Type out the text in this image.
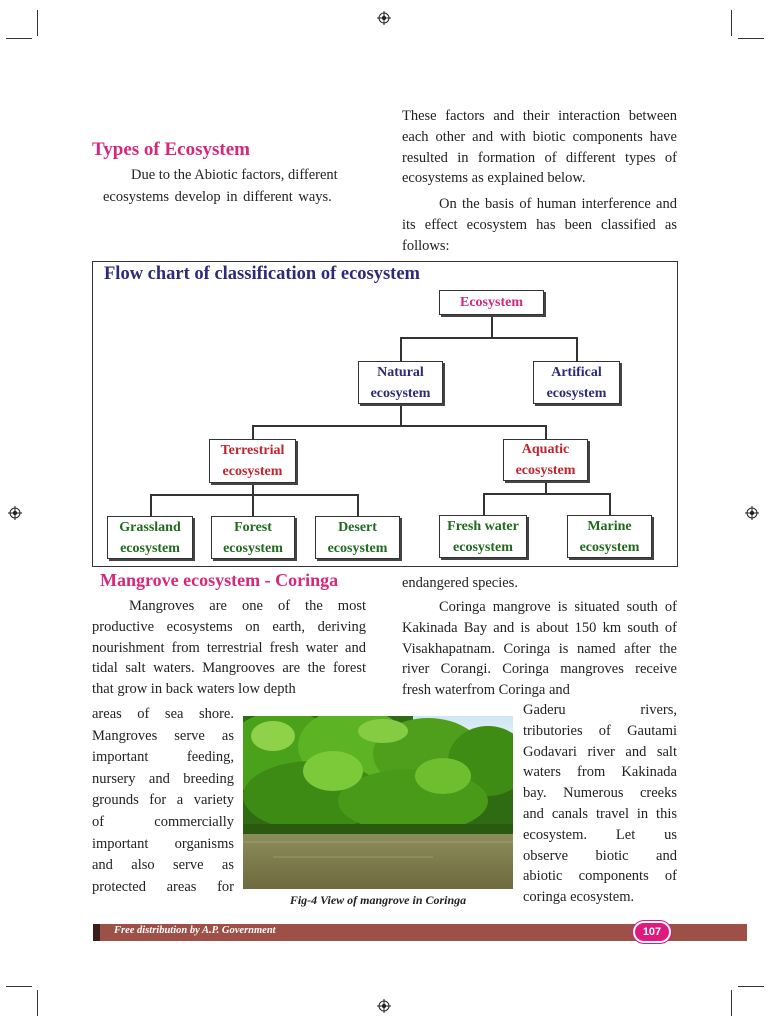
Types of Ecosystem
Due to the Abiotic factors, different
ecosystems develop in different ways.

These factors and their interaction between each other and with biotic components have resulted in formation of different types of ecosystems as explained below.

On the basis of human interference and its effect ecosystem has been classified as follows:

Flow chart of classification of ecosystem
Ecosystem
Natural
ecosystem
Artifical
ecosystem
Terrestrial
ecosystem
Aquatic
ecosystem
Grassland
ecosystem
Forest
ecosystem
Desert
ecosystem
Fresh water
ecosystem
Marine
ecosystem
Mangrove ecosystem - Coringa
Mangroves are one of the most productive ecosystems on earth, deriving nourishment from terrestrial fresh water and tidal salt waters. Mangrooves are the forest that grow in back waters low depth
areas of sea shore.
Mangroves serve as
important feeding,
nursery and breeding
grounds for a variety
of commercially
important organisms
and also serve as
protected areas for
endangered species.
Coringa mangrove is situated south of Kakinada Bay and is about 150 km south of Visakhapatnam. Coringa is named after the river Corangi. Coringa mangroves receive fresh waterfrom Coringa and
Gaderu rivers,
tributories of Gautami
Godavari river and salt
waters from Kakinada
bay. Numerous creeks
and canals travel in this
ecosystem. Let us
observe biotic and
abiotic components of
coringa ecosystem.
Fig-4 View of mangrove in Coringa
Free distribution by A.P. Government	107
